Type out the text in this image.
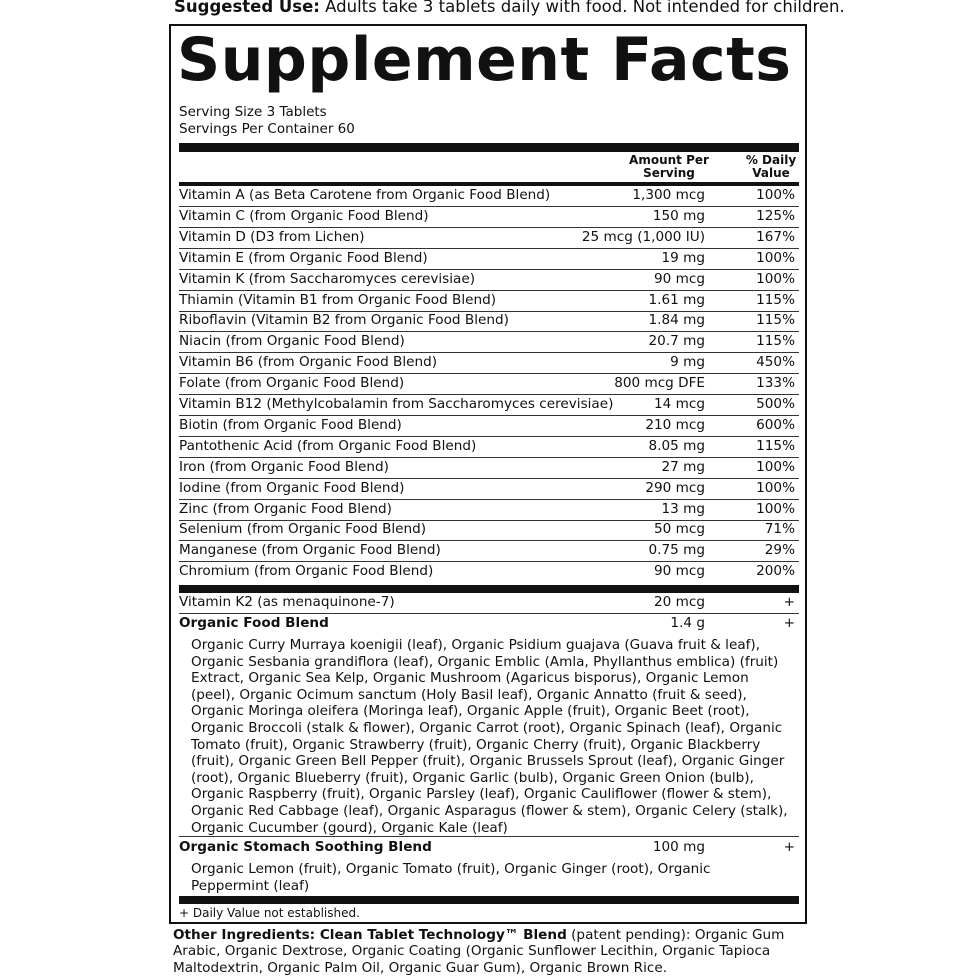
Suggested Use: Adults take 3 tablets daily with food. Not intended for children.
Supplement Facts
Serving Size 3 Tablets
Servings Per Container 60
Amount Per Serving
% Daily Value
Vitamin A (as Beta Carotene from Organic Food Blend)	1,300 mcg	100%
Vitamin C (from Organic Food Blend)	150 mg	125%
Vitamin D (D3 from Lichen)	25 mcg (1,000 IU)	167%
Vitamin E (from Organic Food Blend)	19 mg	100%
Vitamin K (from Saccharomyces cerevisiae)	90 mcg	100%
Thiamin (Vitamin B1 from Organic Food Blend)	1.61 mg	115%
Riboflavin (Vitamin B2 from Organic Food Blend)	1.84 mg	115%
Niacin (from Organic Food Blend)	20.7 mg	115%
Vitamin B6 (from Organic Food Blend)	9 mg	450%
Folate (from Organic Food Blend)	800 mcg DFE	133%
Vitamin B12 (Methylcobalamin from Saccharomyces cerevisiae)	14 mcg	500%
Biotin (from Organic Food Blend)	210 mcg	600%
Pantothenic Acid (from Organic Food Blend)	8.05 mg	115%
Iron (from Organic Food Blend)	27 mg	100%
Iodine (from Organic Food Blend)	290 mcg	100%
Zinc (from Organic Food Blend)	13 mg	100%
Selenium (from Organic Food Blend)	50 mcg	71%
Manganese (from Organic Food Blend)	0.75 mg	29%
Chromium (from Organic Food Blend)	90 mcg	200%
Vitamin K2 (as menaquinone-7)	20 mcg	+
Organic Food Blend	1.4 g	+
Organic Curry Murraya koenigii (leaf), Organic Psidium guajava (Guava fruit & leaf), Organic Sesbania grandiflora (leaf), Organic Emblic (Amla, Phyllanthus emblica) (fruit) Extract, Organic Sea Kelp, Organic Mushroom (Agaricus bisporus), Organic Lemon (peel), Organic Ocimum sanctum (Holy Basil leaf), Organic Annatto (fruit & seed), Organic Moringa oleifera (Moringa leaf), Organic Apple (fruit), Organic Beet (root), Organic Broccoli (stalk & flower), Organic Carrot (root), Organic Spinach (leaf), Organic Tomato (fruit), Organic Strawberry (fruit), Organic Cherry (fruit), Organic Blackberry (fruit), Organic Green Bell Pepper (fruit), Organic Brussels Sprout (leaf), Organic Ginger (root), Organic Blueberry (fruit), Organic Garlic (bulb), Organic Green Onion (bulb), Organic Raspberry (fruit), Organic Parsley (leaf), Organic Cauliflower (flower & stem), Organic Red Cabbage (leaf), Organic Asparagus (flower & stem), Organic Celery (stalk), Organic Cucumber (gourd), Organic Kale (leaf)
Organic Stomach Soothing Blend	100 mg	+
Organic Lemon (fruit), Organic Tomato (fruit), Organic Ginger (root), Organic Peppermint (leaf)
+ Daily Value not established.
Other Ingredients: Clean Tablet Technology™ Blend (patent pending): Organic Gum Arabic, Organic Dextrose, Organic Coating (Organic Sunflower Lecithin, Organic Tapioca Maltodextrin, Organic Palm Oil, Organic Guar Gum), Organic Brown Rice.
